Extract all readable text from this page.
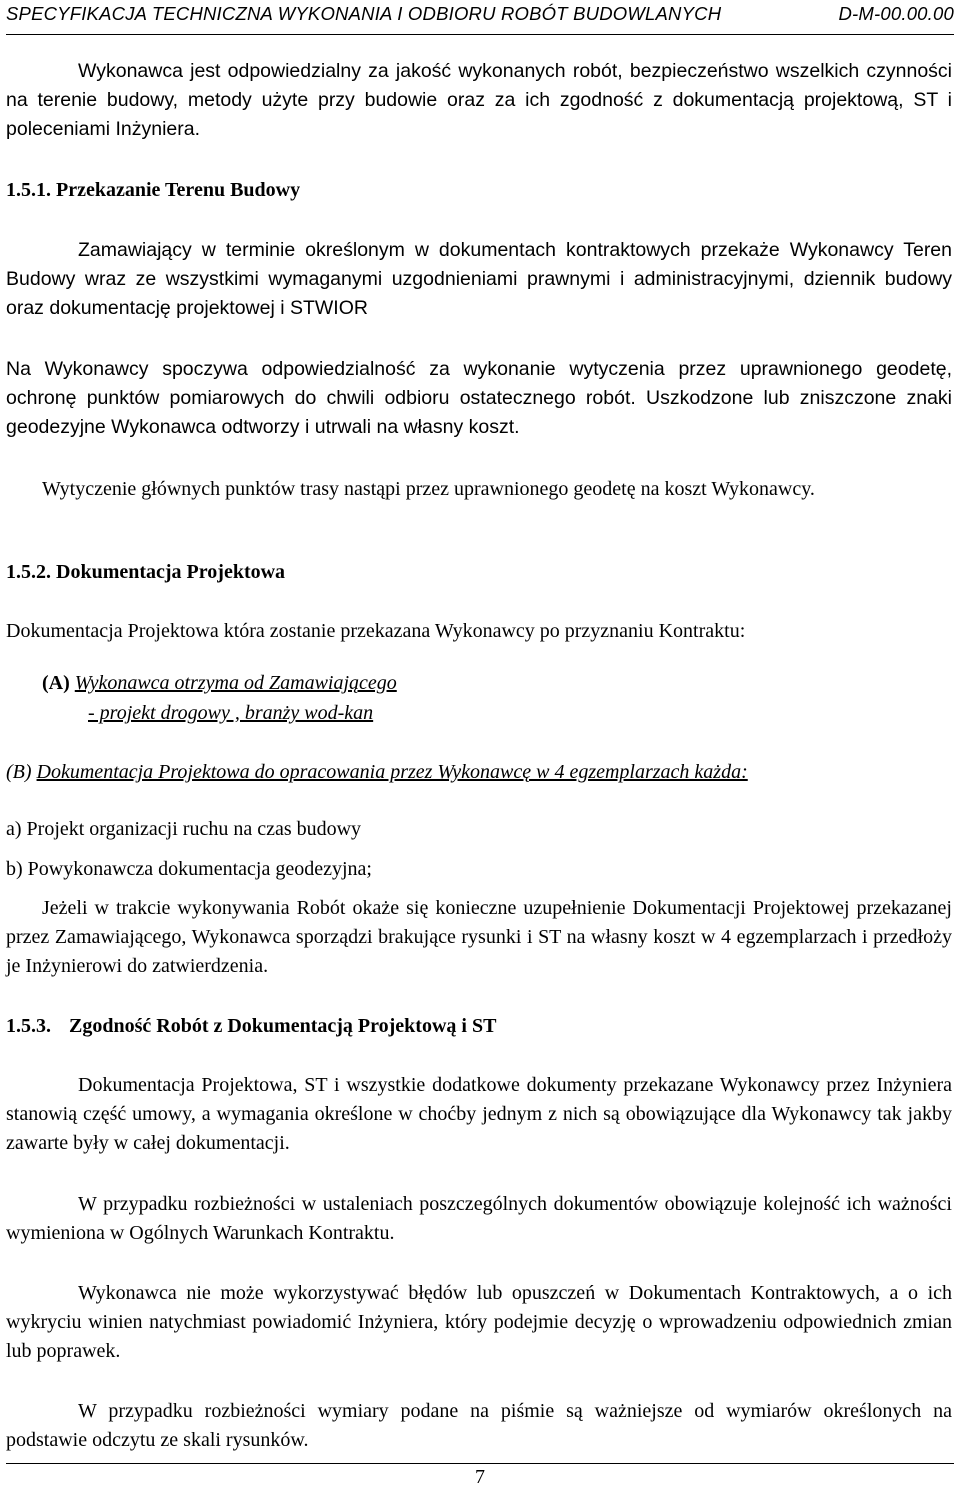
SPECYFIKACJA TECHNICZNA WYKONANIA I ODBIORU ROBÓT BUDOWLANYCH	D-M-00.00.00
Wykonawca jest odpowiedzialny za jakość wykonanych robót, bezpieczeństwo wszelkich czynności na terenie budowy, metody użyte przy budowie oraz za ich zgodność z dokumentacją projektową, ST i poleceniami Inżyniera.
1.5.1. Przekazanie Terenu Budowy
Zamawiający w terminie określonym w dokumentach kontraktowych przekaże Wykonawcy Teren Budowy wraz ze wszystkimi wymaganymi uzgodnieniami prawnymi i administracyjnymi, dziennik budowy oraz dokumentację projektowej i STWIOR
Na Wykonawcy spoczywa odpowiedzialność za wykonanie wytyczenia przez uprawnionego geodetę, ochronę punktów pomiarowych do chwili odbioru ostatecznego robót. Uszkodzone lub zniszczone znaki geodezyjne Wykonawca odtworzy i utrwali na własny koszt.
Wytyczenie głównych punktów trasy nastąpi przez uprawnionego geodetę na koszt Wykonawcy.
1.5.2. Dokumentacja Projektowa
Dokumentacja Projektowa która zostanie przekazana Wykonawcy po przyznaniu Kontraktu:
(A) Wykonawca otrzyma od Zamawiającego
- projekt drogowy , branży wod-kan
(B) Dokumentacja Projektowa do opracowania przez Wykonawcę w 4 egzemplarzach każda:
a) Projekt organizacji ruchu na czas budowy
b) Powykonawcza dokumentacja geodezyjna;
Jeżeli w trakcie wykonywania Robót okaże się konieczne uzupełnienie Dokumentacji Projektowej przekazanej przez Zamawiającego, Wykonawca sporządzi brakujące rysunki i ST na własny koszt w 4 egzemplarzach i przedłoży je Inżynierowi do zatwierdzenia.
1.5.3. Zgodność Robót z Dokumentacją Projektową i ST
Dokumentacja Projektowa, ST i wszystkie dodatkowe dokumenty przekazane Wykonawcy przez Inżyniera stanowią część umowy, a wymagania określone w choćby jednym z nich są obowiązujące dla Wykonawcy tak jakby zawarte były w całej dokumentacji.
W przypadku rozbieżności w ustaleniach poszczególnych dokumentów obowiązuje kolejność ich ważności wymieniona w Ogólnych Warunkach Kontraktu.
Wykonawca nie może wykorzystywać błędów lub opuszczeń w Dokumentach Kontraktowych, a o ich wykryciu winien natychmiast powiadomić Inżyniera, który podejmie decyzję o wprowadzeniu odpowiednich zmian lub poprawek.
W przypadku rozbieżności wymiary podane na piśmie są ważniejsze od wymiarów określonych na podstawie odczytu ze skali rysunków.
7
